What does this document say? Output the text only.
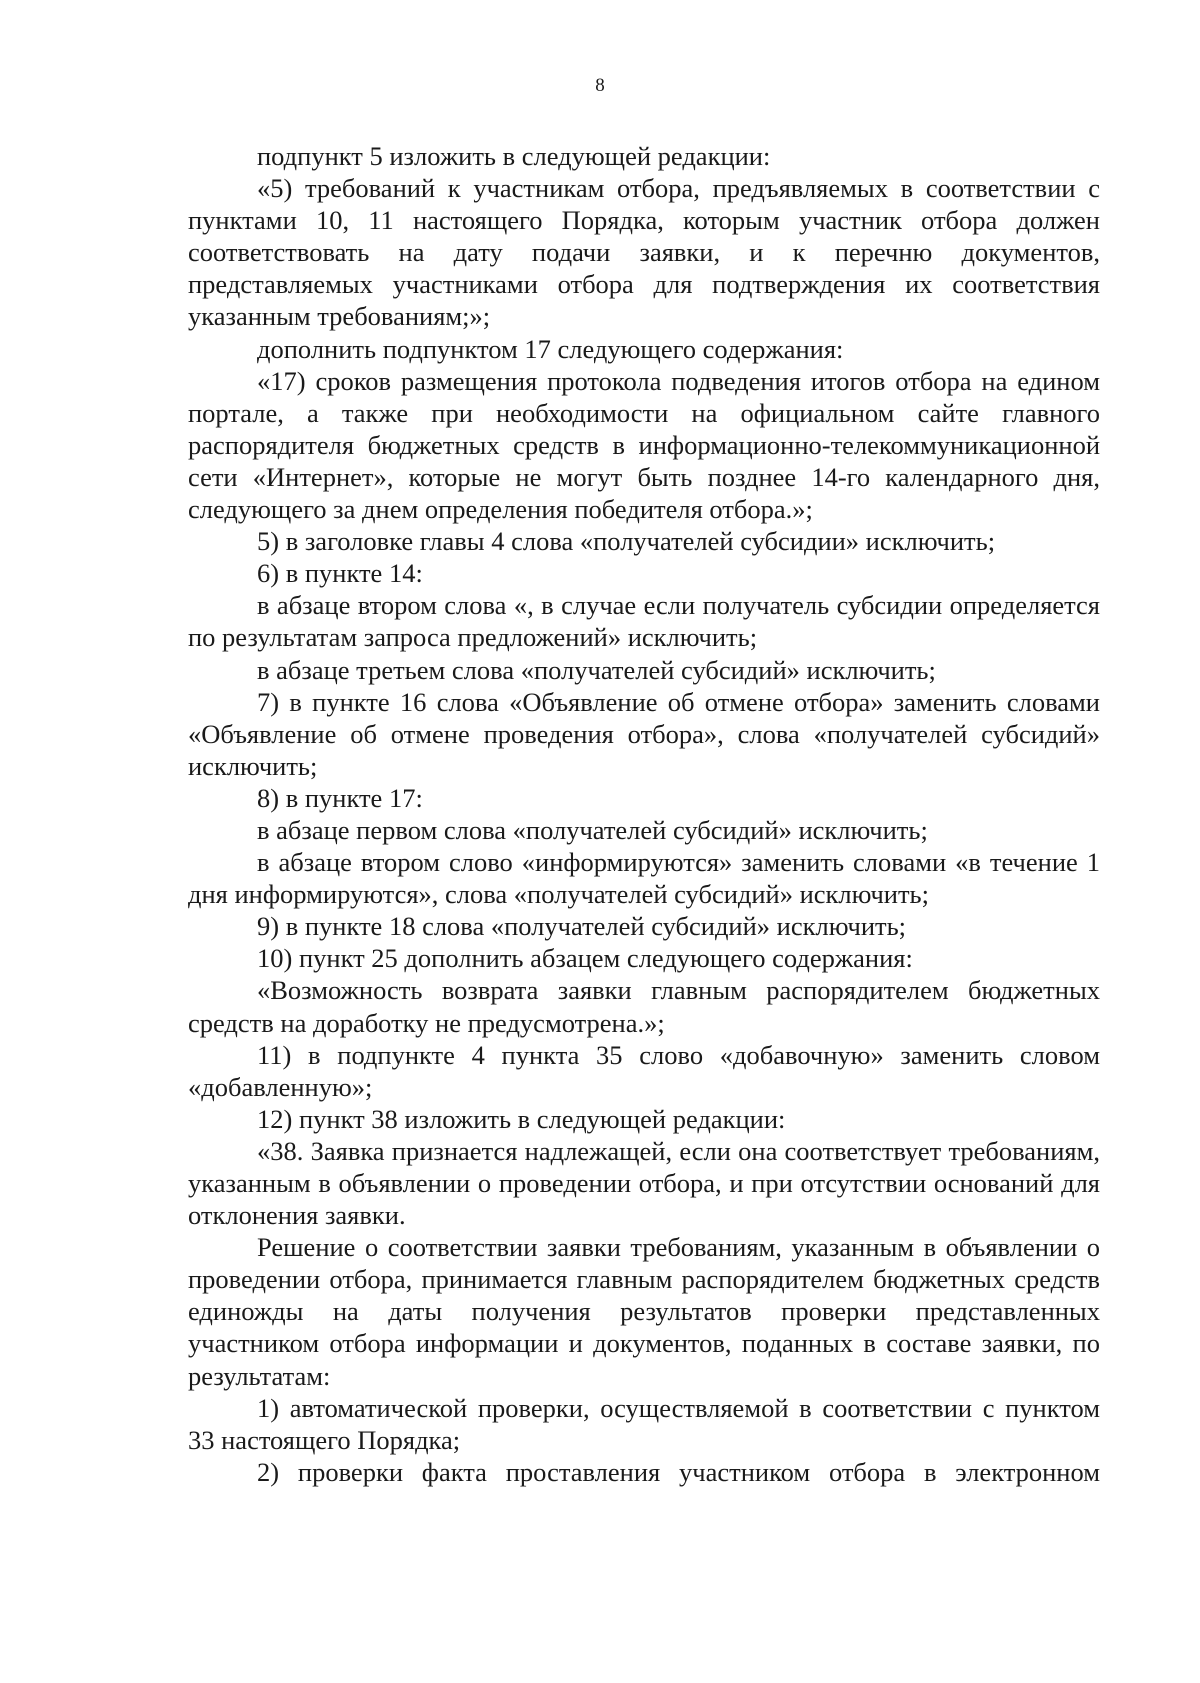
8

подпункт 5 изложить в следующей редакции:

«5) требований к участникам отбора, предъявляемых в соответствии с пунктами 10, 11 настоящего Порядка, которым участник отбора должен соответствовать на дату подачи заявки, и к перечню документов, представляемых участниками отбора для подтверждения их соответствия указанным требованиям;»;

дополнить подпунктом 17 следующего содержания:

«17) сроков размещения протокола подведения итогов отбора на едином портале, а также при необходимости на официальном сайте главного распорядителя бюджетных средств в информационно-телекоммуникационной сети «Интернет», которые не могут быть позднее 14-го календарного дня, следующего за днем определения победителя отбора.»;

5) в заголовке главы 4 слова «получателей субсидии» исключить;

6) в пункте 14:

в абзаце втором слова «, в случае если получатель субсидии определяется по результатам запроса предложений» исключить;

в абзаце третьем слова «получателей субсидий» исключить;

7) в пункте 16 слова «Объявление об отмене отбора» заменить словами «Объявление об отмене проведения отбора», слова «получателей субсидий» исключить;

8) в пункте 17:

в абзаце первом слова «получателей субсидий» исключить;

в абзаце втором слово «информируются» заменить словами «в течение 1 дня информируются», слова «получателей субсидий» исключить;

9) в пункте 18 слова «получателей субсидий» исключить;

10) пункт 25 дополнить абзацем следующего содержания:

«Возможность возврата заявки главным распорядителем бюджетных средств на доработку не предусмотрена.»;

11) в подпункте 4 пункта 35 слово «добавочную» заменить словом «добавленную»;

12) пункт 38 изложить в следующей редакции:

«38. Заявка признается надлежащей, если она соответствует требованиям, указанным в объявлении о проведении отбора, и при отсутствии оснований для отклонения заявки.

Решение о соответствии заявки требованиям, указанным в объявлении о проведении отбора, принимается главным распорядителем бюджетных средств единожды на даты получения результатов проверки представленных участником отбора информации и документов, поданных в составе заявки, по результатам:

1) автоматической проверки, осуществляемой в соответствии с пунктом 33 настоящего Порядка;

2) проверки факта проставления участником отбора в электронном
